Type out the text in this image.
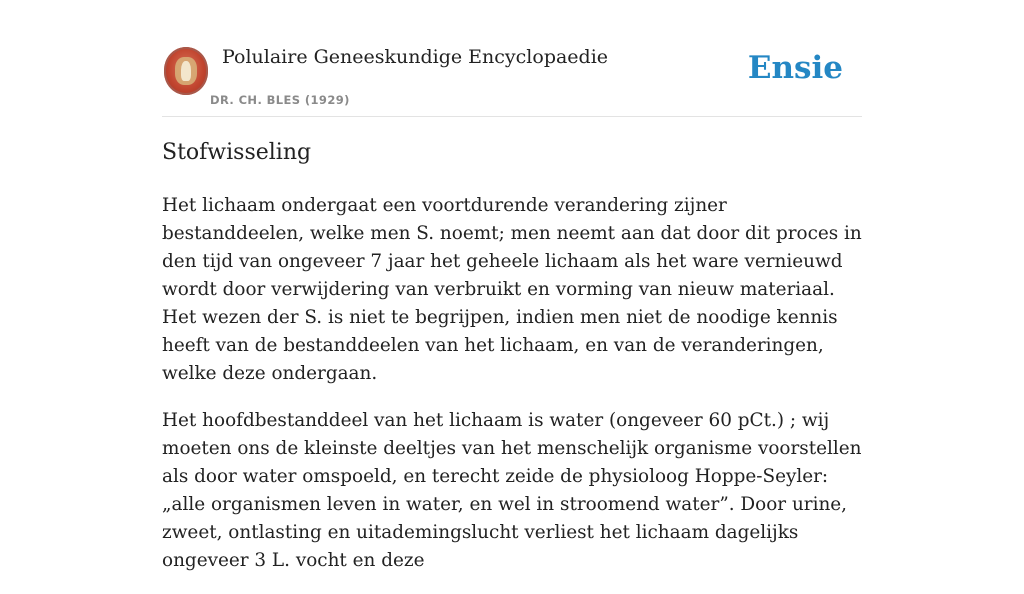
Polulaire Geneeskundige Encyclopaedie
DR. CH. BLES (1929)
Ensie
Stofwisseling

Het lichaam ondergaat een voortdurende verandering zijner bestanddeelen, welke men S. noemt; men neemt aan dat door dit proces in den tijd van ongeveer 7 jaar het geheele lichaam als het ware vernieuwd wordt door verwijdering van verbruikt en vorming van nieuw materiaal. Het wezen der S. is niet te begrijpen, indien men niet de noodige kennis heeft van de bestanddeelen van het lichaam, en van de veranderingen, welke deze ondergaan.

Het hoofdbestanddeel van het lichaam is water (ongeveer 60 pCt.) ; wij moeten ons de kleinste deeltjes van het menschelijk organisme voorstellen als door water omspoeld, en terecht zeide de physioloog Hoppe-Seyler: „alle organismen leven in water, en wel in stroomend water”. Door urine, zweet, ontlasting en uitademingslucht verliest het lichaam dagelijks ongeveer 3 L. vocht en deze
